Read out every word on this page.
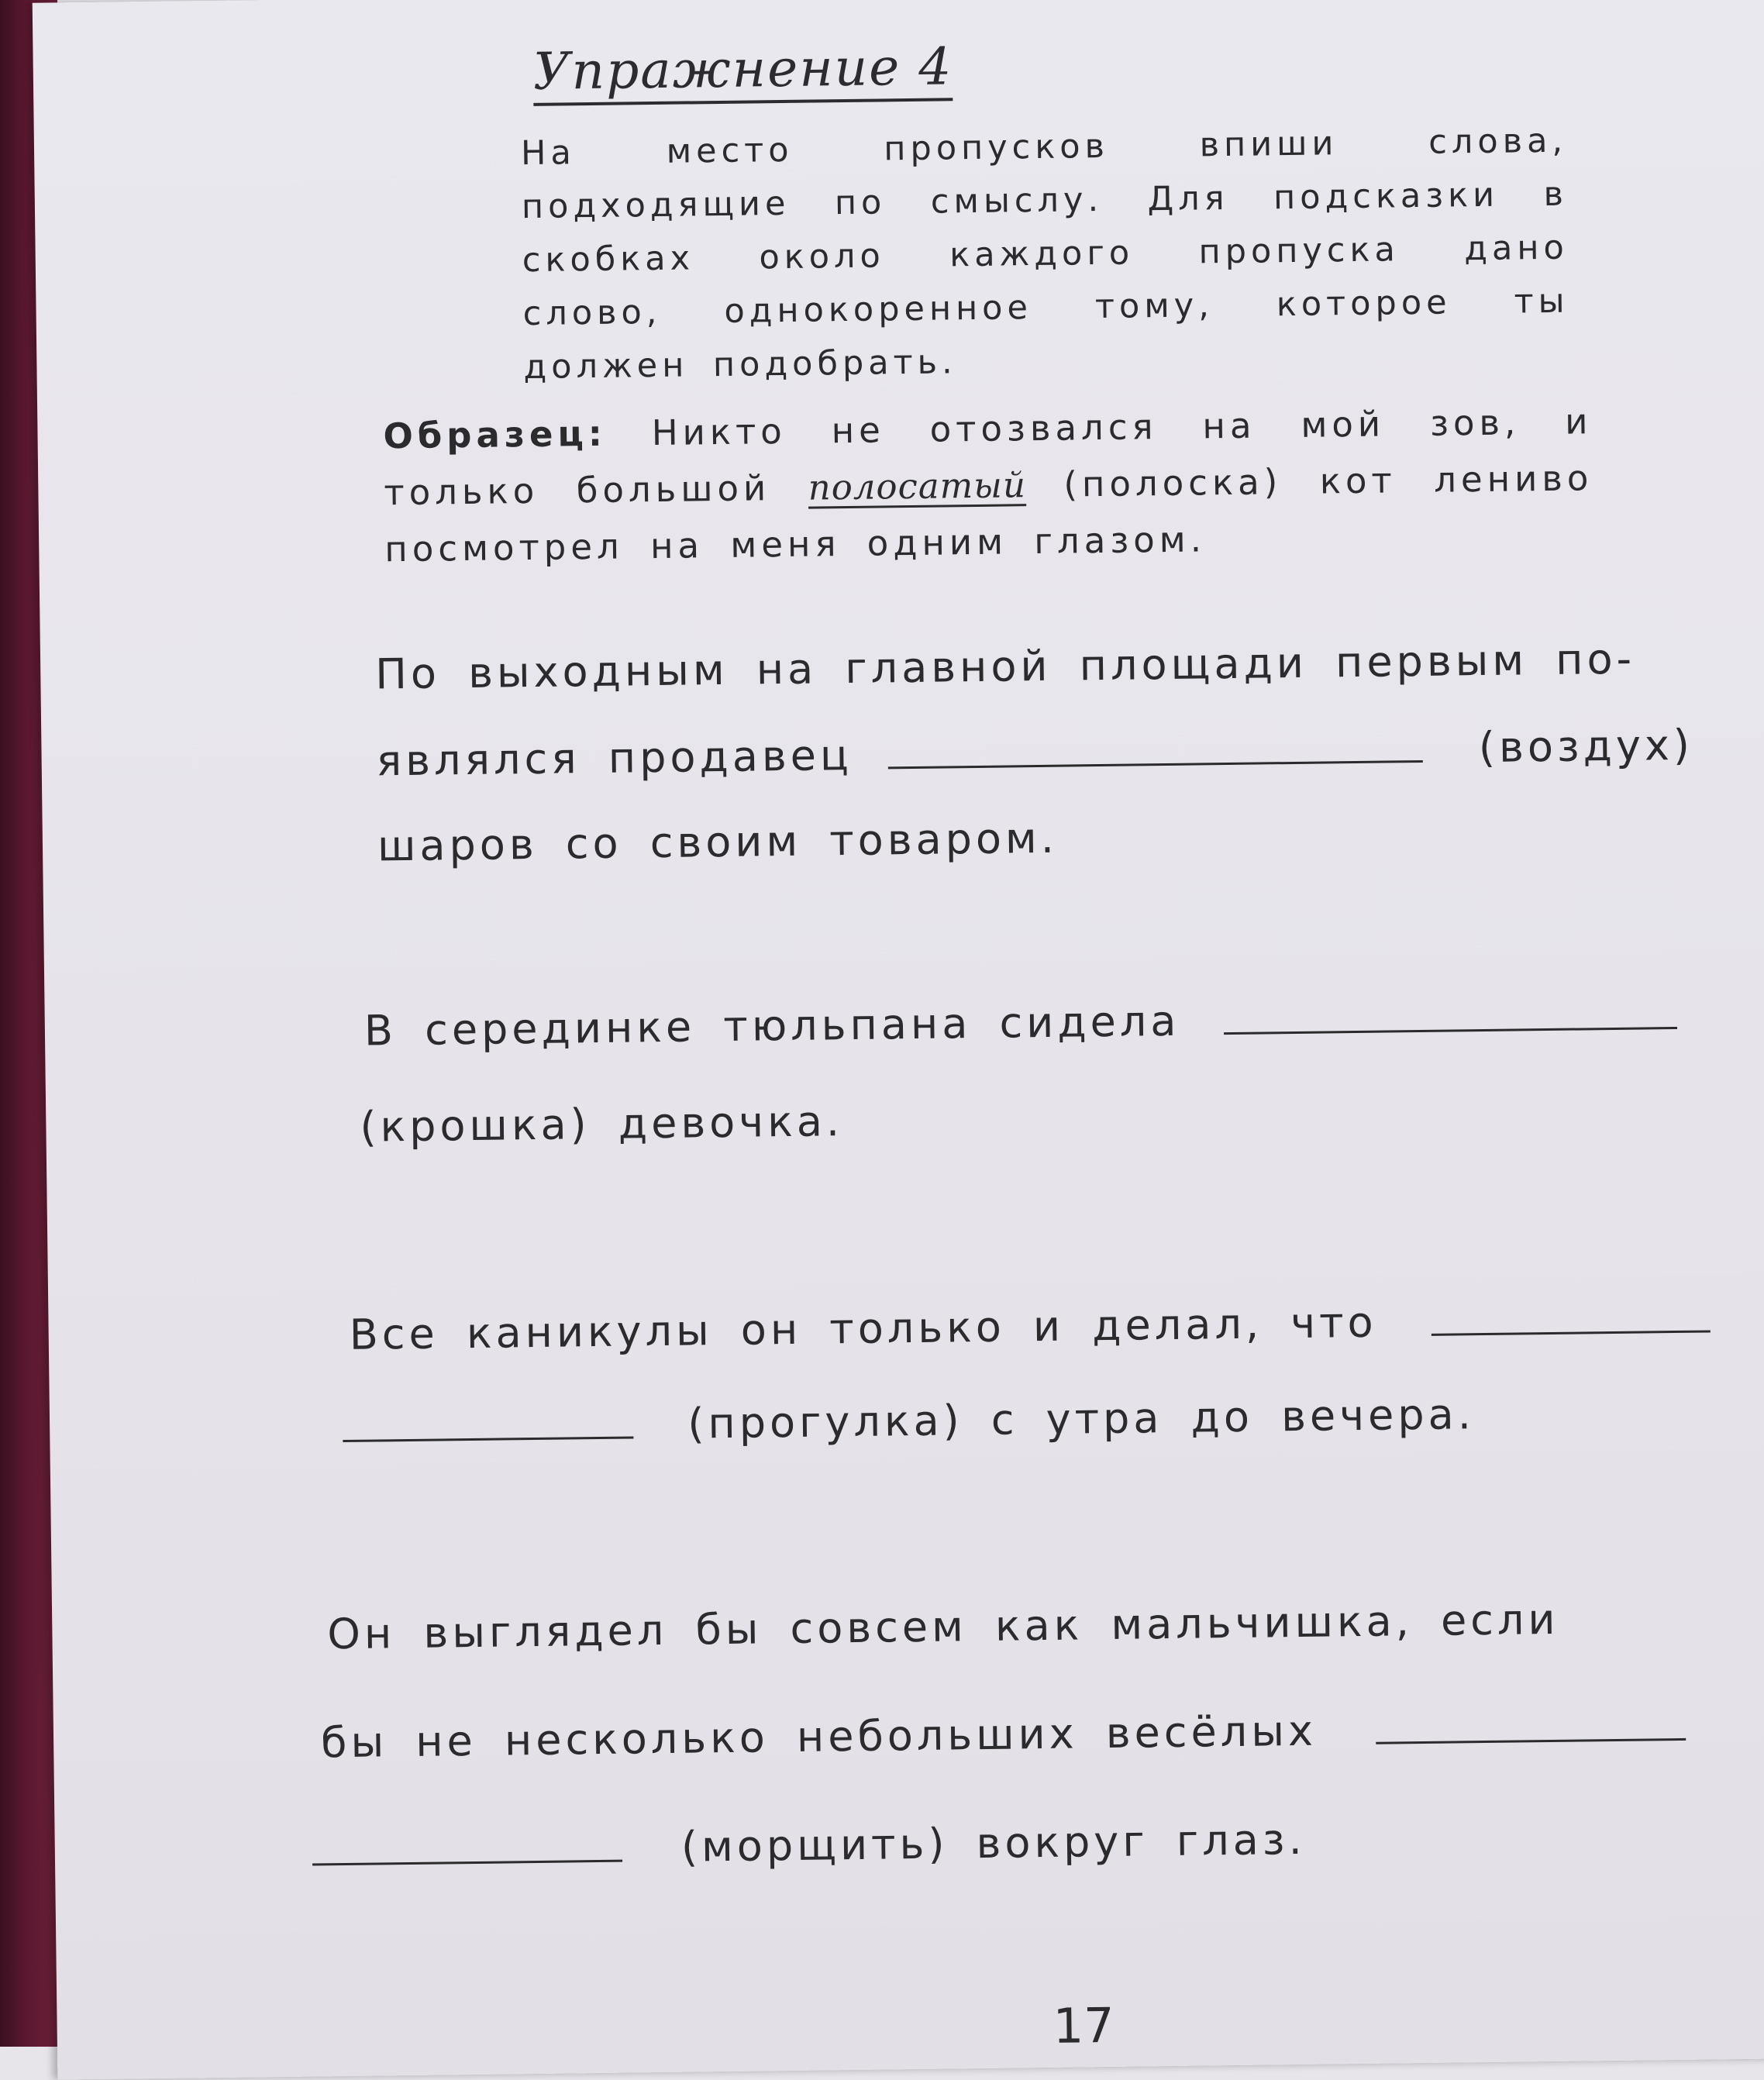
Упражнение 4
На место пропусков впиши слова, подходящие по смыслу. Для подсказки в скобках около каждого пропуска дано слово, однокоренное тому, которое ты должен подобрать.
Образец: Никто не отозвался на мой зов, и только большой полосатый (полоска) кот лениво посмотрел на меня одним глазом.
По выходным на главной площади первым по-
являлся продавец	(воздух)
шаров со своим товаром.
В серединке тюльпана сидела
(крошка) девочка.
Все каникулы он только и делал, что
(прогулка) с утра до вечера.
Он выглядел бы совсем как мальчишка, если
бы не несколько небольших весёлых
(морщить) вокруг глаз.
17
